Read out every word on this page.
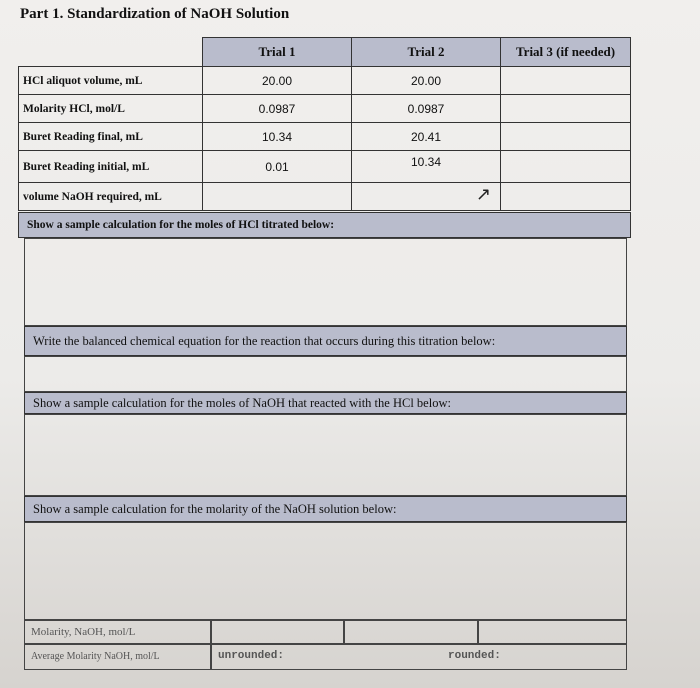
Part 1. Standardization of NaOH Solution
	Trial 1	Trial 2	Trial 3 (if needed)
HCl aliquot volume, mL	20.00	20.00	
Molarity HCl, mol/L	0.0987	0.0987	
Buret Reading final, mL	10.34	20.41	
Buret Reading initial, mL	0.01	10.34	
volume NaOH required, mL				↗
Show a sample calculation for the moles of HCl titrated below:
Write the balanced chemical equation for the reaction that occurs during this titration below:
Show a sample calculation for the moles of NaOH that reacted with the HCl below:
Show a sample calculation for the molarity of the NaOH solution below:
Molarity, NaOH, mol/L
Average Molarity NaOH, mol/L	unrounded:	rounded:
